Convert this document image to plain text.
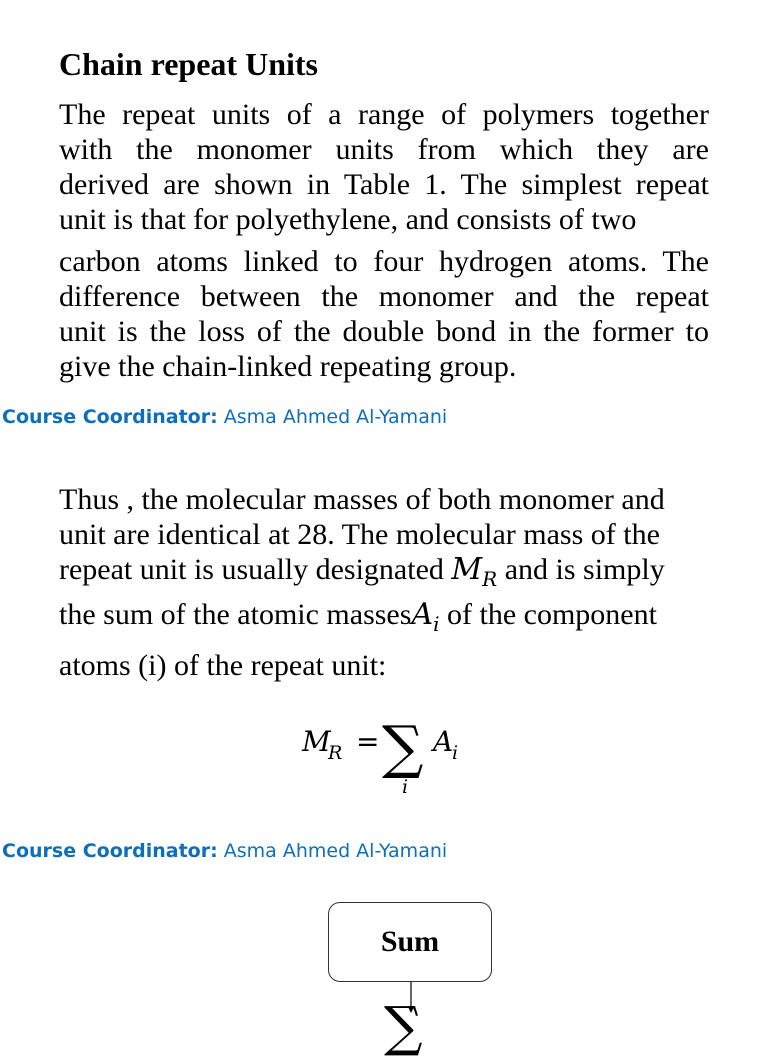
Chain repeat Units
The repeat units of a range of polymers together
with the monomer units from which they are
derived are shown in Table 1. The simplest repeat
unit is that for polyethylene, and consists of two
carbon atoms linked to four hydrogen atoms. The
difference between the monomer and the repeat
unit is the loss of the double bond in the former to
give the chain-linked repeating group.
Course Coordinator: Asma Ahmed Al-Yamani
Thus , the molecular masses of both monomer and
unit are identical at 28. The molecular mass of the
repeat unit is usually designated $M_R$ and is simply
the sum of the atomic massesA$_i$ of the component
atoms (i) of the repeat unit:
M
R = ∑
i
A
i
Course Coordinator: Asma Ahmed Al-Yamani
Sum
∑
